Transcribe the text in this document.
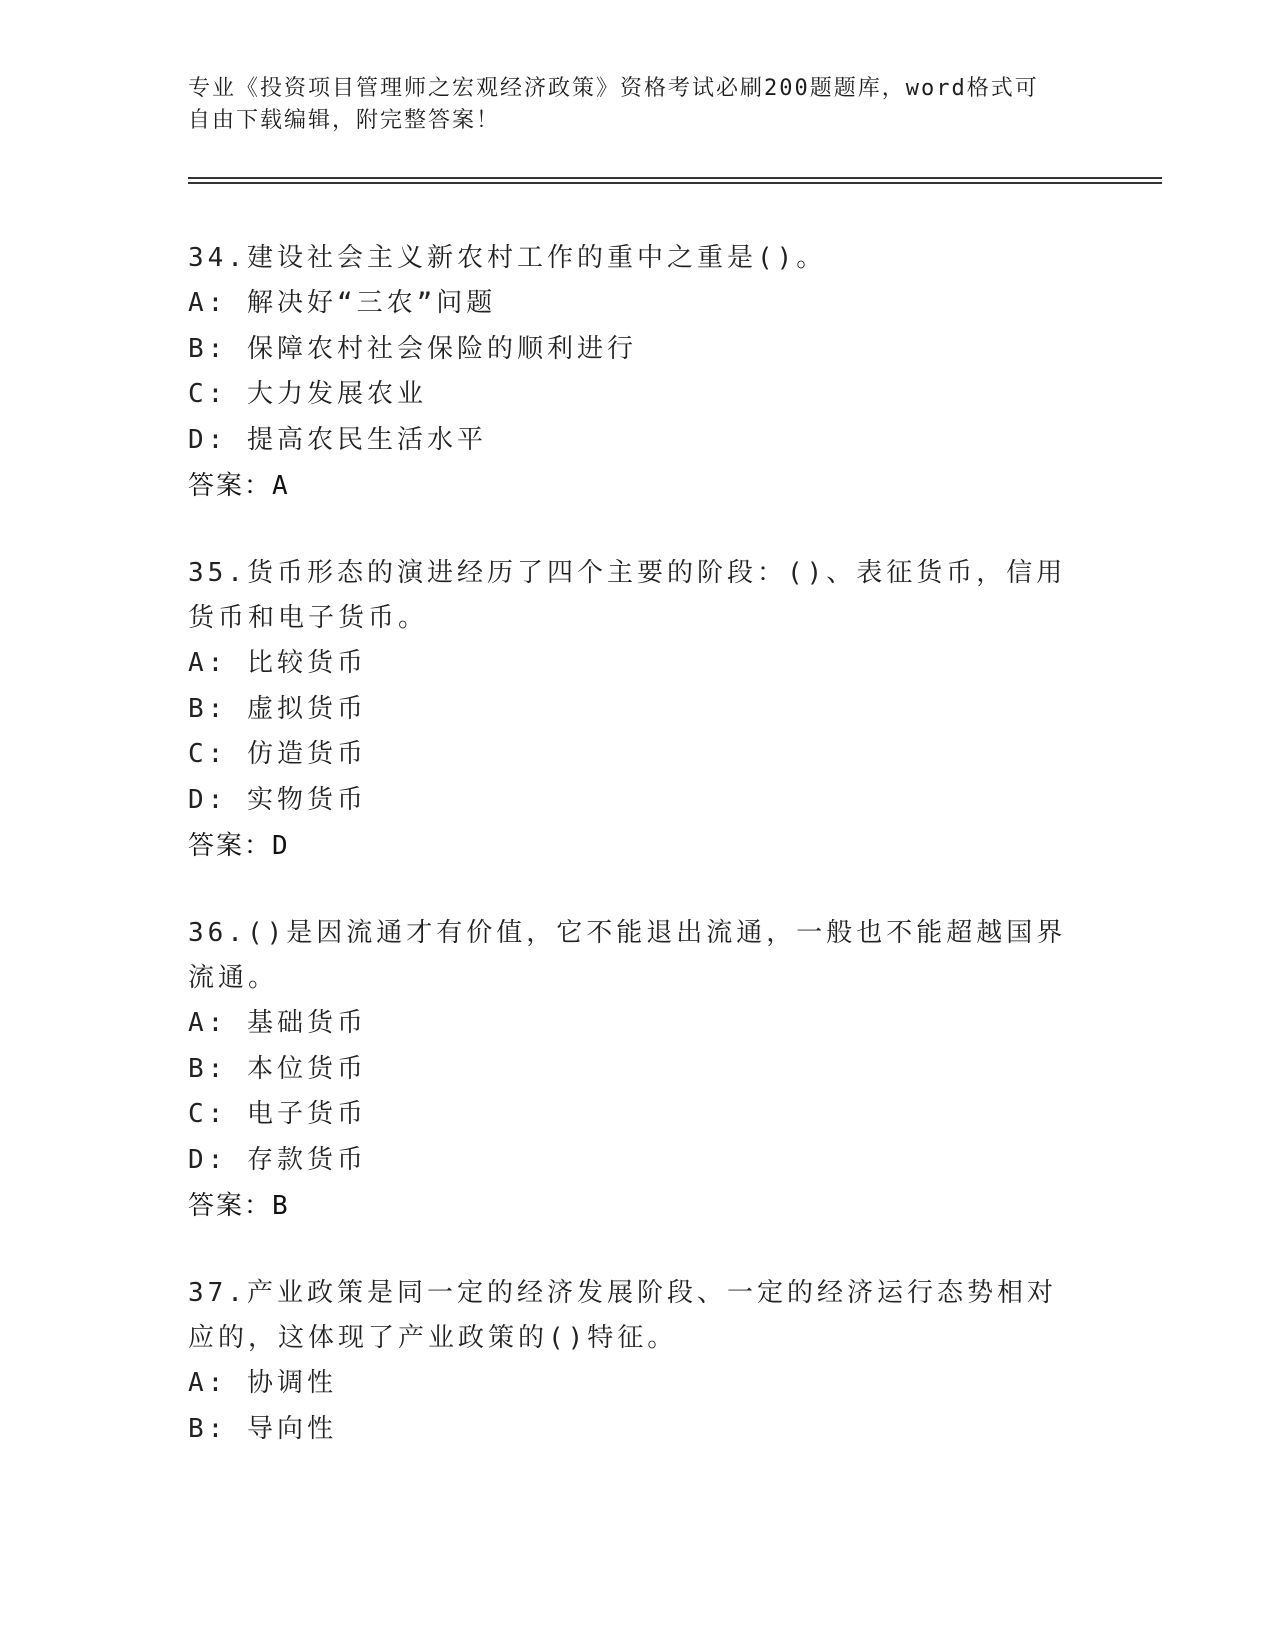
专业《投资项目管理师之宏观经济政策》资格考试必刷200题题库，word格式可
自由下载编辑，附完整答案！

34.建设社会主义新农村工作的重中之重是()。

A: 解决好“三农”问题

B: 保障农村社会保险的顺利进行

C: 大力发展农业

D: 提高农民生活水平

答案：A

35.货币形态的演进经历了四个主要的阶段：()、表征货币，信用货币和电子货币。

A: 比较货币

B: 虚拟货币

C: 仿造货币

D: 实物货币

答案：D

36.()是因流通才有价值，它不能退出流通，一般也不能超越国界流通。

A: 基础货币

B: 本位货币

C: 电子货币

D: 存款货币

答案：B

37.产业政策是同一定的经济发展阶段、一定的经济运行态势相对应的，这体现了产业政策的()特征。

A: 协调性

B: 导向性
